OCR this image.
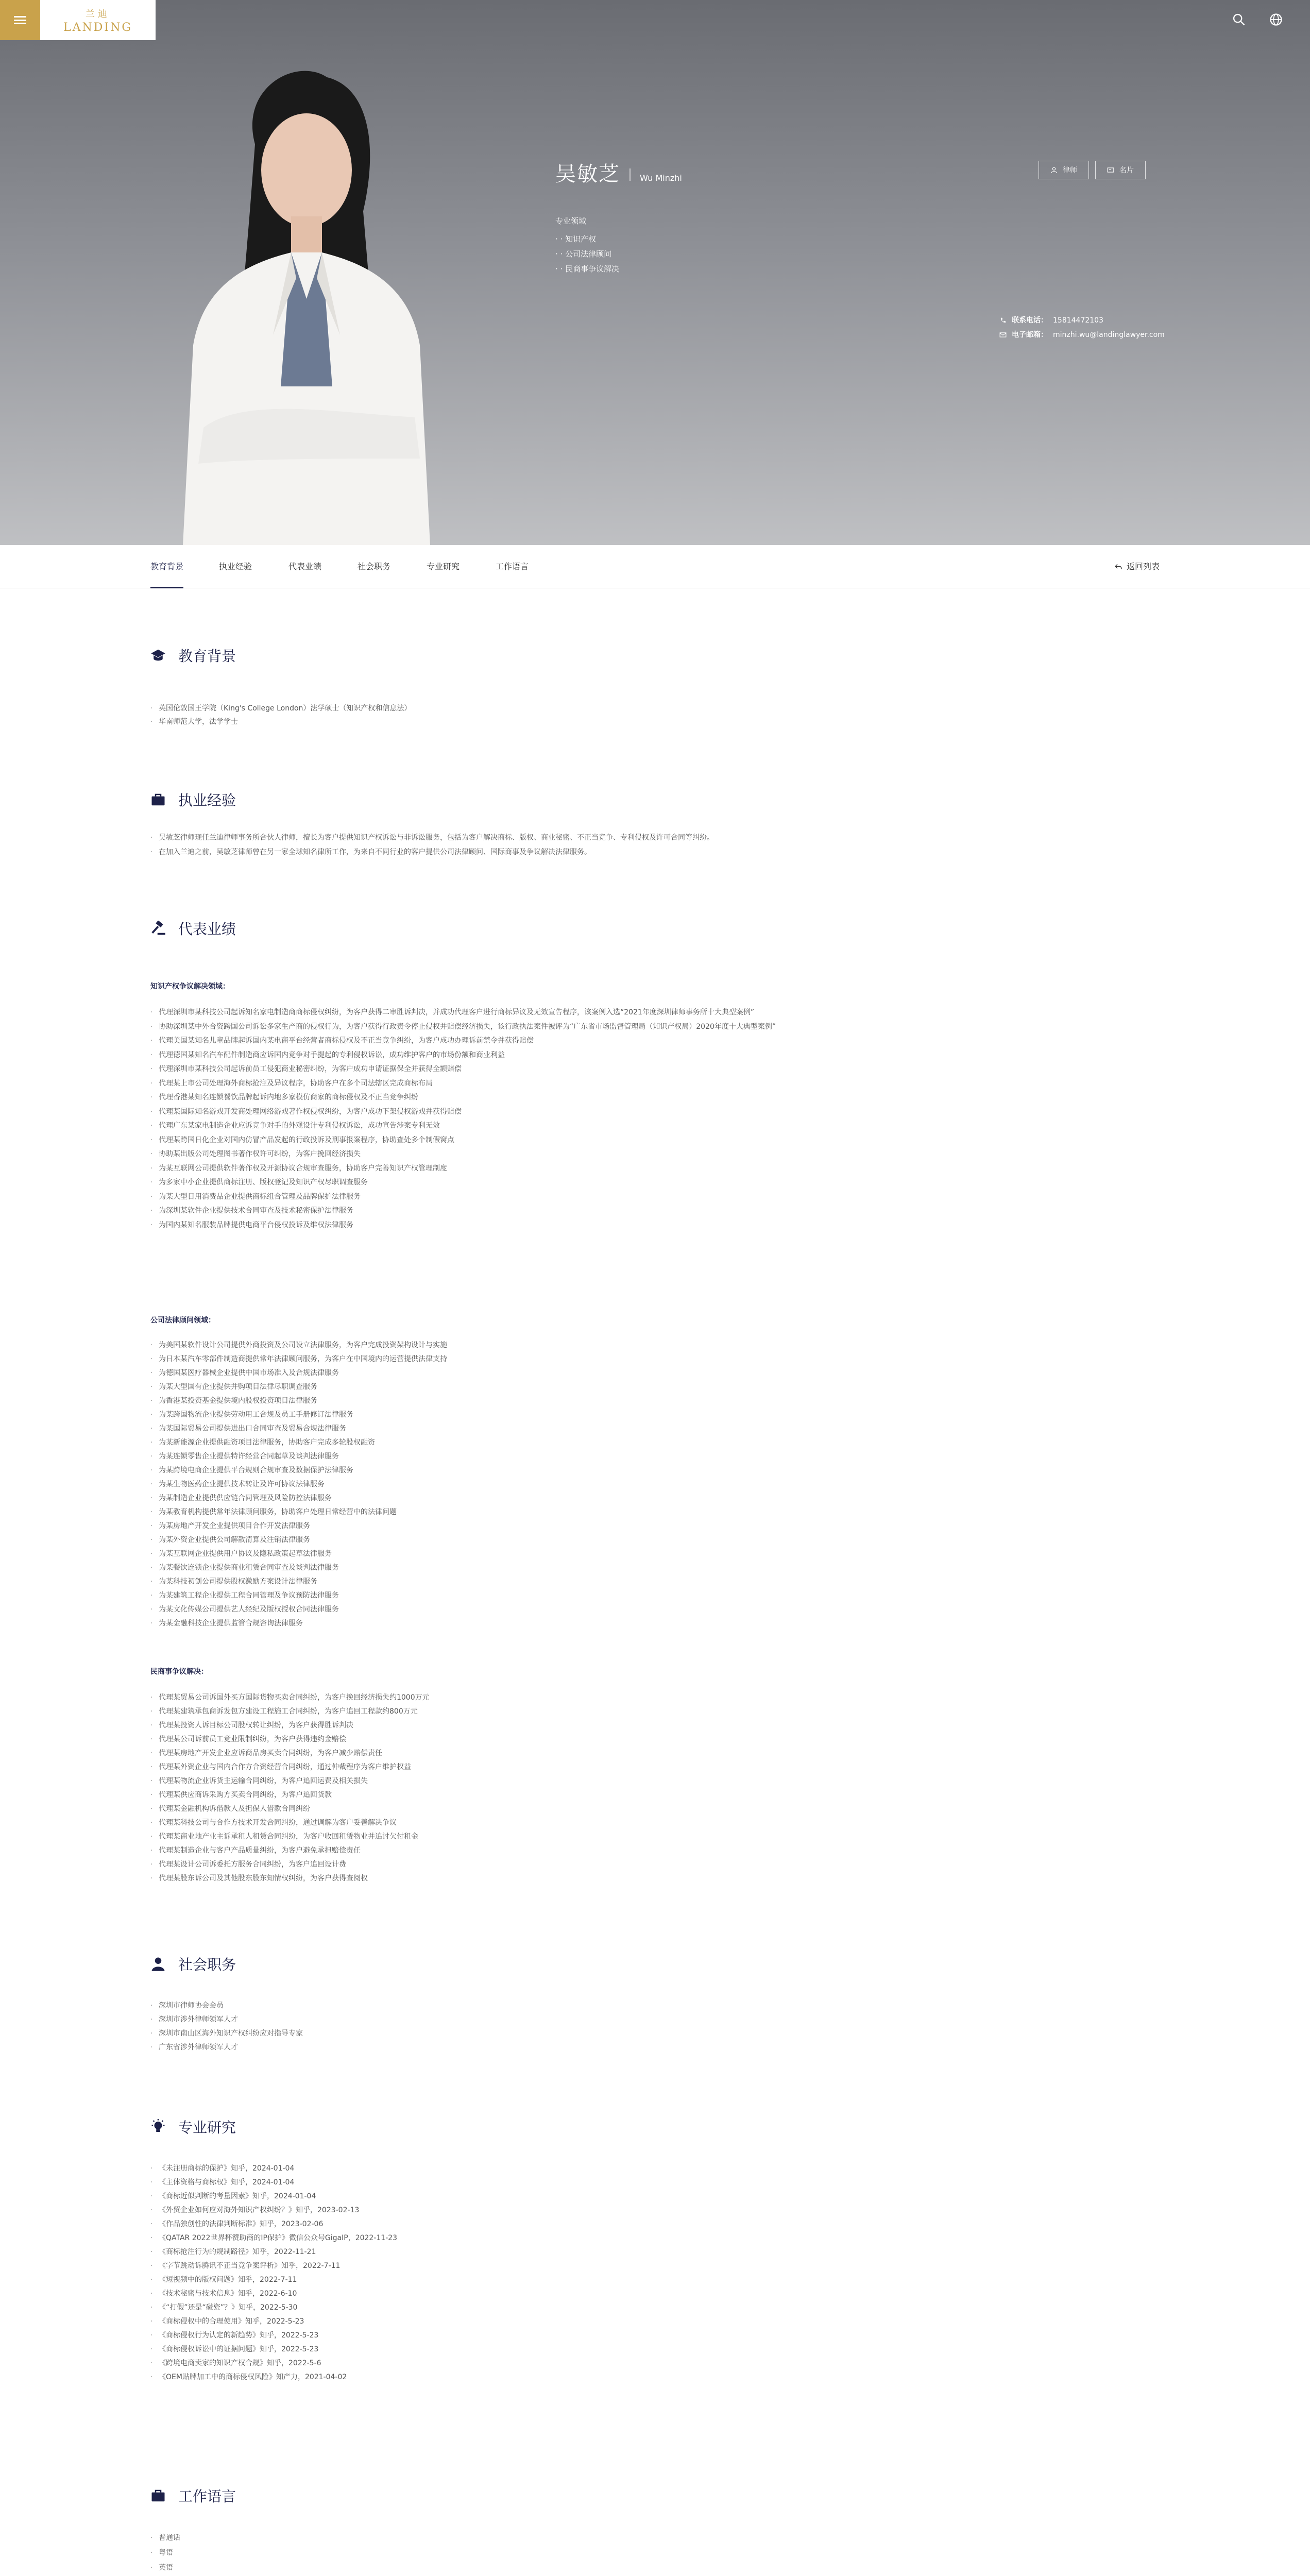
兰迪
LANDING
吴敏芝 Wu Minzhi
律师	名片
专业领域
· · 知识产权
· · 公司法律顾问
· · 民商事争议解决
联系电话： 15814472103
电子邮箱： minzhi.wu@landinglawyer.com
教育背景	执业经验	代表业绩	社会职务	专业研究	工作语言	返回列表
教育背景
· 英国伦敦国王学院（King's College London）法学硕士（知识产权和信息法）
· 华南师范大学，法学学士
执业经验
· 吴敏芝律师现任兰迪律师事务所合伙人律师，擅长为客户提供知识产权诉讼与非诉讼服务，包括为客户解决商标、版权、商业秘密、不正当竞争、专利侵权及许可合同等纠纷。
· 在加入兰迪之前，吴敏芝律师曾在另一家全球知名律所工作，为来自不同行业的客户提供公司法律顾问、国际商事及争议解决法律服务。
代表业绩
知识产权争议解决领域：
· 代理深圳市某科技公司起诉知名家电制造商商标侵权纠纷，为客户获得二审胜诉判决，并成功代理客户进行商标异议及无效宣告程序，该案例入选“2021年度深圳律师事务所十大典型案例”
· 协助深圳某中外合资跨国公司诉讼多家生产商的侵权行为，为客户获得行政责令停止侵权并赔偿经济损失，该行政执法案件被评为“广东省市场监督管理局（知识产权局）2020年度十大典型案例”
· 代理美国某知名儿童品牌起诉国内某电商平台经营者商标侵权及不正当竞争纠纷，为客户成功办理诉前禁令并获得赔偿
· 代理德国某知名汽车配件制造商应诉国内竞争对手提起的专利侵权诉讼，成功维护客户的市场份额和商业利益
· 代理深圳市某科技公司起诉前员工侵犯商业秘密纠纷，为客户成功申请证据保全并获得全额赔偿
· 代理某上市公司处理海外商标抢注及异议程序，协助客户在多个司法辖区完成商标布局
· 代理香港某知名连锁餐饮品牌起诉内地多家模仿商家的商标侵权及不正当竞争纠纷
· 代理某国际知名游戏开发商处理网络游戏著作权侵权纠纷，为客户成功下架侵权游戏并获得赔偿
· 代理广东某家电制造企业应诉竞争对手的外观设计专利侵权诉讼，成功宣告涉案专利无效
· 代理某跨国日化企业对国内仿冒产品发起的行政投诉及刑事报案程序，协助查处多个制假窝点
· 协助某出版公司处理图书著作权许可纠纷，为客户挽回经济损失
· 为某互联网公司提供软件著作权及开源协议合规审查服务，协助客户完善知识产权管理制度
· 为多家中小企业提供商标注册、版权登记及知识产权尽职调查服务
· 为某大型日用消费品企业提供商标组合管理及品牌保护法律服务
· 为深圳某软件企业提供技术合同审查及技术秘密保护法律服务
· 为国内某知名服装品牌提供电商平台侵权投诉及维权法律服务
公司法律顾问领域：
· 为美国某软件设计公司提供外商投资及公司设立法律服务，为客户完成投资架构设计与实施
· 为日本某汽车零部件制造商提供常年法律顾问服务，为客户在中国境内的运营提供法律支持
· 为德国某医疗器械企业提供中国市场准入及合规法律服务
· 为某大型国有企业提供并购项目法律尽职调查服务
· 为香港某投资基金提供境内股权投资项目法律服务
· 为某跨国物流企业提供劳动用工合规及员工手册修订法律服务
· 为某国际贸易公司提供进出口合同审查及贸易合规法律服务
· 为某新能源企业提供融资项目法律服务，协助客户完成多轮股权融资
· 为某连锁零售企业提供特许经营合同起草及谈判法律服务
· 为某跨境电商企业提供平台规则合规审查及数据保护法律服务
· 为某生物医药企业提供技术转让及许可协议法律服务
· 为某制造企业提供供应链合同管理及风险防控法律服务
· 为某教育机构提供常年法律顾问服务，协助客户处理日常经营中的法律问题
· 为某房地产开发企业提供项目合作开发法律服务
· 为某外资企业提供公司解散清算及注销法律服务
· 为某互联网企业提供用户协议及隐私政策起草法律服务
· 为某餐饮连锁企业提供商业租赁合同审查及谈判法律服务
· 为某科技初创公司提供股权激励方案设计法律服务
· 为某建筑工程企业提供工程合同管理及争议预防法律服务
· 为某文化传媒公司提供艺人经纪及版权授权合同法律服务
· 为某金融科技企业提供监管合规咨询法律服务
民商事争议解决：
· 代理某贸易公司诉国外买方国际货物买卖合同纠纷，为客户挽回经济损失约1000万元
· 代理某建筑承包商诉发包方建设工程施工合同纠纷，为客户追回工程款约800万元
· 代理某投资人诉目标公司股权转让纠纷，为客户获得胜诉判决
· 代理某公司诉前员工竞业限制纠纷，为客户获得违约金赔偿
· 代理某房地产开发企业应诉商品房买卖合同纠纷，为客户减少赔偿责任
· 代理某外资企业与国内合作方合资经营合同纠纷，通过仲裁程序为客户维护权益
· 代理某物流企业诉货主运输合同纠纷，为客户追回运费及相关损失
· 代理某供应商诉采购方买卖合同纠纷，为客户追回货款
· 代理某金融机构诉借款人及担保人借款合同纠纷
· 代理某科技公司与合作方技术开发合同纠纷，通过调解为客户妥善解决争议
· 代理某商业地产业主诉承租人租赁合同纠纷，为客户收回租赁物业并追讨欠付租金
· 代理某制造企业与客户产品质量纠纷，为客户避免承担赔偿责任
· 代理某设计公司诉委托方服务合同纠纷，为客户追回设计费
· 代理某股东诉公司及其他股东股东知情权纠纷，为客户获得查阅权
社会职务
· 深圳市律师协会会员
· 深圳市涉外律师领军人才
· 深圳市南山区海外知识产权纠纷应对指导专家
· 广东省涉外律师领军人才
专业研究
· 《未注册商标的保护》知乎，2024-01-04
· 《主体资格与商标权》知乎，2024-01-04
· 《商标近似判断的考量因素》知乎，2024-01-04
· 《外贸企业如何应对海外知识产权纠纷？》知乎，2023-02-13
· 《作品独创性的法律判断标准》知乎，2023-02-06
· 《QATAR 2022世界杯赞助商的IP保护》微信公众号GigaIP，2022-11-23
· 《商标抢注行为的规制路径》知乎，2022-11-21
· 《字节跳动诉腾讯不正当竞争案评析》知乎，2022-7-11
· 《短视频中的版权问题》知乎，2022-7-11
· 《技术秘密与技术信息》知乎，2022-6-10
· 《“打假”还是“碰瓷”？》知乎，2022-5-30
· 《商标侵权中的合理使用》知乎，2022-5-23
· 《商标侵权行为认定的新趋势》知乎，2022-5-23
· 《商标侵权诉讼中的证据问题》知乎，2022-5-23
· 《跨境电商卖家的知识产权合规》知乎，2022-5-6
· 《OEM贴牌加工中的商标侵权风险》知产力，2021-04-02
工作语言
· 普通话
· 粤语
· 英语
